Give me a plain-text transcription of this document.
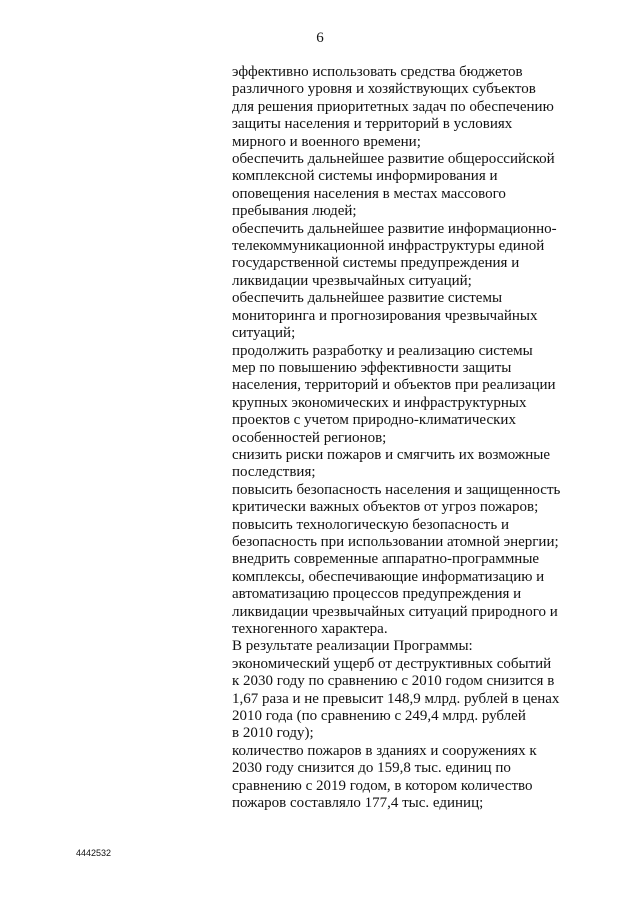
6
эффективно использовать средства бюджетов
различного уровня и хозяйствующих субъектов
для решения приоритетных задач по обеспечению
защиты населения и территорий в условиях
мирного и военного времени;
обеспечить дальнейшее развитие общероссийской
комплексной системы информирования и
оповещения населения в местах массового
пребывания людей;
обеспечить дальнейшее развитие информационно-
телекоммуникационной инфраструктуры единой
государственной системы предупреждения и
ликвидации чрезвычайных ситуаций;
обеспечить дальнейшее развитие системы
мониторинга и прогнозирования чрезвычайных
ситуаций;
продолжить разработку и реализацию системы
мер по повышению эффективности защиты
населения, территорий и объектов при реализации
крупных экономических и инфраструктурных
проектов с учетом природно-климатических
особенностей регионов;
снизить риски пожаров и смягчить их возможные
последствия;
повысить безопасность населения и защищенность
критически важных объектов от угроз пожаров;
повысить технологическую безопасность и
безопасность при использовании атомной энергии;
внедрить современные аппаратно-программные
комплексы, обеспечивающие информатизацию и
автоматизацию процессов предупреждения и
ликвидации чрезвычайных ситуаций природного и
техногенного характера.
В результате реализации Программы:
экономический ущерб от деструктивных событий
к 2030 году по сравнению с 2010 годом снизится в
1,67 раза и не превысит 148,9 млрд. рублей в ценах
2010 года (по сравнению с 249,4 млрд. рублей
в 2010 году);
количество пожаров в зданиях и сооружениях к
2030 году снизится до 159,8 тыс. единиц по
сравнению с 2019 годом, в котором количество
пожаров составляло 177,4 тыс. единиц;
4442532
